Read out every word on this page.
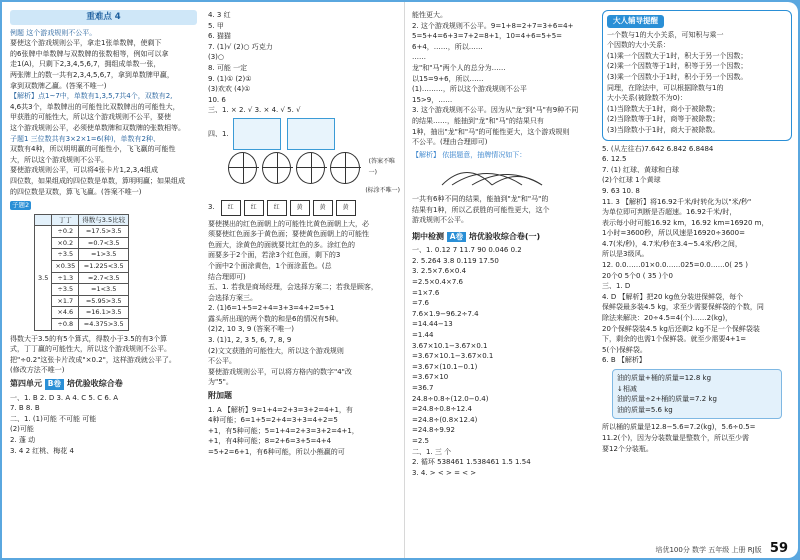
重难点 4
例题 这个游戏规则不公平。
要使这个游戏规则公平，拿走1张单数牌，使剩下
的6张牌中单数牌与双数牌的张数相等，例如可以拿
走1(A)，只剩下2,3,4,5,6,7，拥组成单数一张，
两张牌上的数一共有2,3,4,5,6,7，拿到单数牌甲赢，
拿到双数牌乙赢。(答案不唯一)
【解析】点1~7中，单数有1,3,5,7共4个，双数有2,
4,6共3个，单数牌出的可能性比双数牌出的可能性大，
甲获胜的可能性大，所以这个游戏规则不公平，要使
这个游戏规则公平，必须使单数牌和双数牌的张数相等。
子题1 三位数共有3×2×1=6(种)，单数有2种、
双数有4种，所以明明赢的可能性小，飞飞赢的可能性
大，所以这个游戏规则不公平。
要使游戏规则公平，可以将4张卡片1,2,3,4组成
四位数，如果组成的四位数是单数，算明明赢；如果组成
的四位数是双数，算飞飞赢。(答案不唯一)
子题2
	丁丁	得数与3.5比较
3.5	÷0.2	=17.5>3.5
	×0.2	=0.7<3.5
	÷3.5	=1>3.5
	×0.35	=1.225<3.5
	÷1.3	≈2.7<3.5
	÷3.5	=1<3.5
	×1.7	=5.95>3.5
	×4.6	=16.1>3.5
	÷0.8	=4.375>3.5
得数大于3.5的有5个算式，得数小于3.5的有3个算
式，丁丁赢的可能性大，所以这个游戏规则不公平。
把"÷0.2"这张卡片改成"×0.2"，这样游戏就公平了。
(修改方法不唯一)
第四单元 B卷 培优验收综合卷
一、1. B 2. D 3. A 4. C 5. C 6. A
7. B 8. B
二、1. (1)可能 不可能 可能
(2)可能
2. 蓬 动
3. 4 2 红桃、梅花 4
4. 3 红
5. 甲
6. 猫猫
7. (1)√ (2)○ 巧克力
(3)○
8. 可能 一定
9. (1)① (2)①
(3)欢欢 (4)①
10. 6
三、1. × 2. √ 3. × 4. √ 5. √
四、1.
(答案不唯一)
(标涂不唯一)
3.	红	红	红	黄	黄	黄
要使摸出的红色面朝上的可能性比黄色面朝上大，必
须要使红色面多于黄色面；要使黄色面朝上的可能性
色面大，涂黄色的面就要比红色的多。涂红色的
面要多于2个面，若涂3个红色面，剩下的3
个面中2个面涂黄色，1个面涂蓝色。(总
结合理即可)
五、1. 若我是商场经理，会选择方案二；若我是顾客，
会选择方案三。
2. (1)6=1+5=2+4=3+3=4+2=5+1
露头所出现的两个数的和是6的情况有5种。
(2)2, 10 3, 9 (答案不唯一)
3. (1)1, 2, 3 5, 6, 7, 8, 9
(2)文文获胜的可能性大，所以这个游戏规则
不公平。
要使游戏规则公平，可以将方格内的数字"4"改
为"5"。
附加题
1. A 【解析】9=1+4=2+3=3+2=4+1，有
4种可能；6=1+5=2+4=3+3=4+2=5
+1，有5种可能；5=1+4=2+3=3+2=4+1，
+1，有4种可能；8=2+6=3+5=4+4
=5+2=6+1，有6种可能，所以小熊赢的可
能性更大。
2. 这个游戏规则不公平。9=1+8=2+7=3+6=4+
5=5+4=6+3=7+2=8+1，10=4+6=5+5=
6+4，……，所以……
……
龙"和"马"两个人的总分为……
以15=9+6，所以……
(1)………，所以这个游戏规则不公平
15>9，……
3. 这个游戏规则不公平。因为从"龙"到"马"有9种不同
的结果……，能抽到"龙"和"马"的结果只有
1种，抽出"龙"和"马"的可能性更大，这个游戏规则
不公平。(理由合理即可)
【解析】 依据题意，抽牌情况如下：
一共有6种不同的结果，能抽到"龙"和"马"的
结果有1种，所以乙获胜的可能性更大，这个
游戏规则不公平。
期中检测 A卷 培优验收综合卷(一)
一、1. 0.12 7 11.7 90 0.046 0.2
2. 5.264 3.8 0.119 17.50
3. 2.5×7.6×0.4
=2.5×0.4×7.6
=1×7.6
=7.6
7.6×1.9−96.2÷7.4
=14.44−13
=1.44
3.67×10.1−3.67×0.1
=3.67×10.1−3.67×0.1
=3.67×(10.1−0.1)
=3.67×10
=36.7
24.8÷0.8÷(12.0−0.4)
=24.8÷0.8÷12.4
=24.8÷(0.8×12.4)
=24.8÷9.92
=2.5
二、1. 三 个
2. 循环 538461 1.538461 1.5 1.54
3. 4. > < > = < >
大人辅导提醒
一个数与1的大小关系，可知积与乘一
个因数的大小关系：
(1)乘一个因数大于1时，积大于另一个因数；
(2)乘一个因数等于1时，积等于另一个因数；
(3)乘一个因数小于1时，积小于另一个因数。
同理，在除法中，可以根据除数与1的
大小关系(被除数不为0)：
(1)当除数大于1时，商小于被除数；
(2)当除数等于1时，商等于被除数；
(3)当除数小于1时，商大于被除数。
5. (从左往右)7.642 6.842 6.8484
6. 12.5
7. (1) 红球、黄球和白球
(2)个红球 1个黄球
9. 63 10. 8
11. 3 【解析】将16.92千米/时转化为以"米/秒"
为单位即可判断是否超速。16.92千米/时，
表示每小时可能16.92 km，16.92 km=16920 m，
1小时=3600秒，所以风速是16920÷3600=
4.7(米/秒)，4.7米/秒在3.4~5.4米/秒之间，
所以是3级风。
12. 0.0……01×0.0……025=0.0……0( 25 )
20个0 5个0 ( 35 )个0
三、1. D
4. D 【解析】把20 kg鱼分装进保鲜袋，每个
保鲜袋最多装4.5 kg，求至少需要保鲜袋的个数，同
除法来解决：20÷4.5=4(个)……2(kg)，
20个保鲜袋装4.5 kg后还剩2 kg不足一个保鲜袋装
下，剩余的也需1个保鲜袋。就至少需要4+1=
5(个)保鲜袋。
6. B 【解析】
油的质量+桶的质量=12.8 kg
↓相减
油的质量÷2+桶的质量=7.2 kg
油的质量=5.6 kg
所以桶的质量是12.8−5.6=7.2(kg)，5.6÷0.5=
11.2(个)，因为分装数量是整数个，所以至少需
要12个分装瓶。
培优100分 数学 五年级 上册 RJ版 59
